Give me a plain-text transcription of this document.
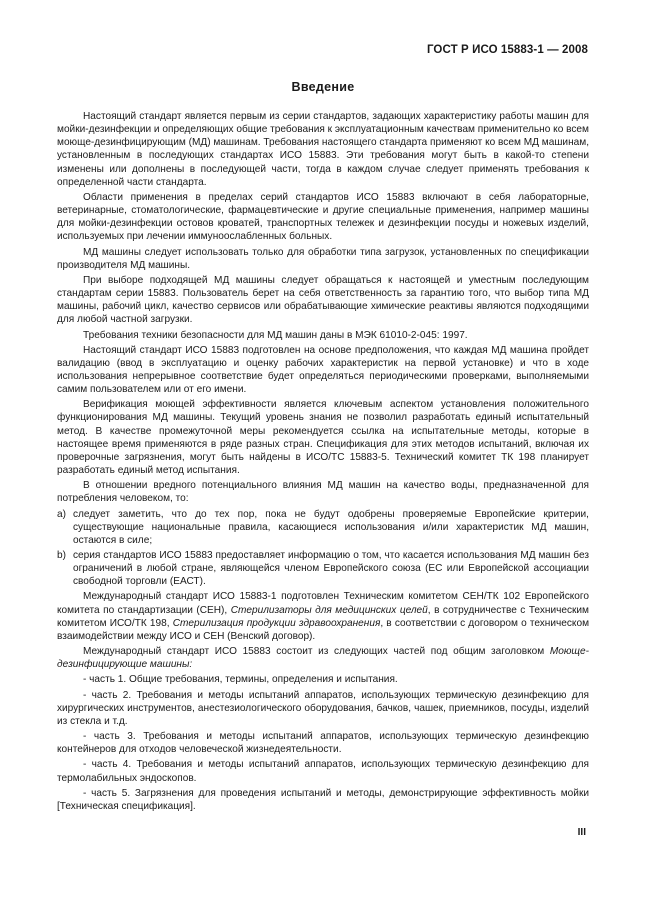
ГОСТ Р ИСО 15883-1 — 2008
Введение

Настоящий стандарт является первым из серии стандартов, задающих характеристику работы машин для мойки-дезинфекции и определяющих общие требования к эксплуатационным качествам применительно ко всем моюще-дезинфицирующим (МД) машинам. Требования настоящего стандарта применяют ко всем МД машинам, установленным в последующих стандартах ИСО 15883. Эти требования могут быть в какой-то степени изменены или дополнены в последующей части, тогда в каждом случае следует применять требования к определенной части стандарта.

Области применения в пределах серий стандартов ИСО 15883 включают в себя лабораторные, ветеринарные, стоматологические, фармацевтические и другие специальные применения, например машины для мойки-дезинфекции остовов кроватей, транспортных тележек и дезинфекции посуды и ножевых изделий, используемых при лечении иммуноослабленных больных.

МД машины следует использовать только для обработки типа загрузок, установленных по спецификации производителя МД машины.

При выборе подходящей МД машины следует обращаться к настоящей и уместным последующим стандартам серии 15883. Пользователь берет на себя ответственность за гарантию того, что выбор типа МД машины, рабочий цикл, качество сервисов или обрабатывающие химические реактивы являются подходящими для любой частной загрузки.

Требования техники безопасности для МД машин даны в МЭК 61010-2-045: 1997.

Настоящий стандарт ИСО 15883 подготовлен на основе предположения, что каждая МД машина пройдет валидацию (ввод в эксплуатацию и оценку рабочих характеристик на первой установке) и что в ходе использования непрерывное соответствие будет определяться периодическими проверками, выполняемыми самим пользователем или от его имени.

Верификация моющей эффективности является ключевым аспектом установления положительного функционирования МД машины. Текущий уровень знания не позволил разработать единый испытательный метод. В качестве промежуточной меры рекомендуется ссылка на испытательные методы, которые в настоящее время применяются в ряде разных стран. Спецификация для этих методов испытаний, включая их проверочные загрязнения, могут быть найдены в ИСО/ТС 15883-5. Технический комитет ТК 198 планирует разработать единый метод испытания.

В отношении вредного потенциального влияния МД машин на качество воды, предназначенной для потребления человеком, то:

а) следует заметить, что до тех пор, пока не будут одобрены проверяемые Европейские критерии, существующие национальные правила, касающиеся использования и/или характеристик МД машин, остаются в силе;
b) серия стандартов ИСО 15883 предоставляет информацию о том, что касается использования МД машин без ограничений в любой стране, являющейся членом Европейского союза (ЕС или Европейской ассоциации свободной торговли (ЕАСТ).

Международный стандарт ИСО 15883-1 подготовлен Техническим комитетом СЕН/ТК 102 Европейского комитета по стандартизации (СЕН), Стерилизаторы для медицинских целей, в сотрудничестве с Техническим комитетом ИСО/ТК 198, Стерилизация продукции здравоохранения, в соответствии с договором о техническом взаимодействии между ИСО и СЕН (Венский договор).

Международный стандарт ИСО 15883 состоит из следующих частей под общим заголовком Моюще-дезинфицирующие машины:

- часть 1. Общие требования, термины, определения и испытания.

- часть 2. Требования и методы испытаний аппаратов, использующих термическую дезинфекцию для хирургических инструментов, анестезиологического оборудования, бачков, чашек, приемников, посуды, изделий из стекла и т.д.

- часть 3. Требования и методы испытаний аппаратов, использующих термическую дезинфекцию контейнеров для отходов человеческой жизнедеятельности.

- часть 4. Требования и методы испытаний аппаратов, использующих термическую дезинфекцию для термолабильных эндоскопов.

- часть 5. Загрязнения для проведения испытаний и методы, демонстрирующие эффективность мойки [Техническая спецификация].

III
